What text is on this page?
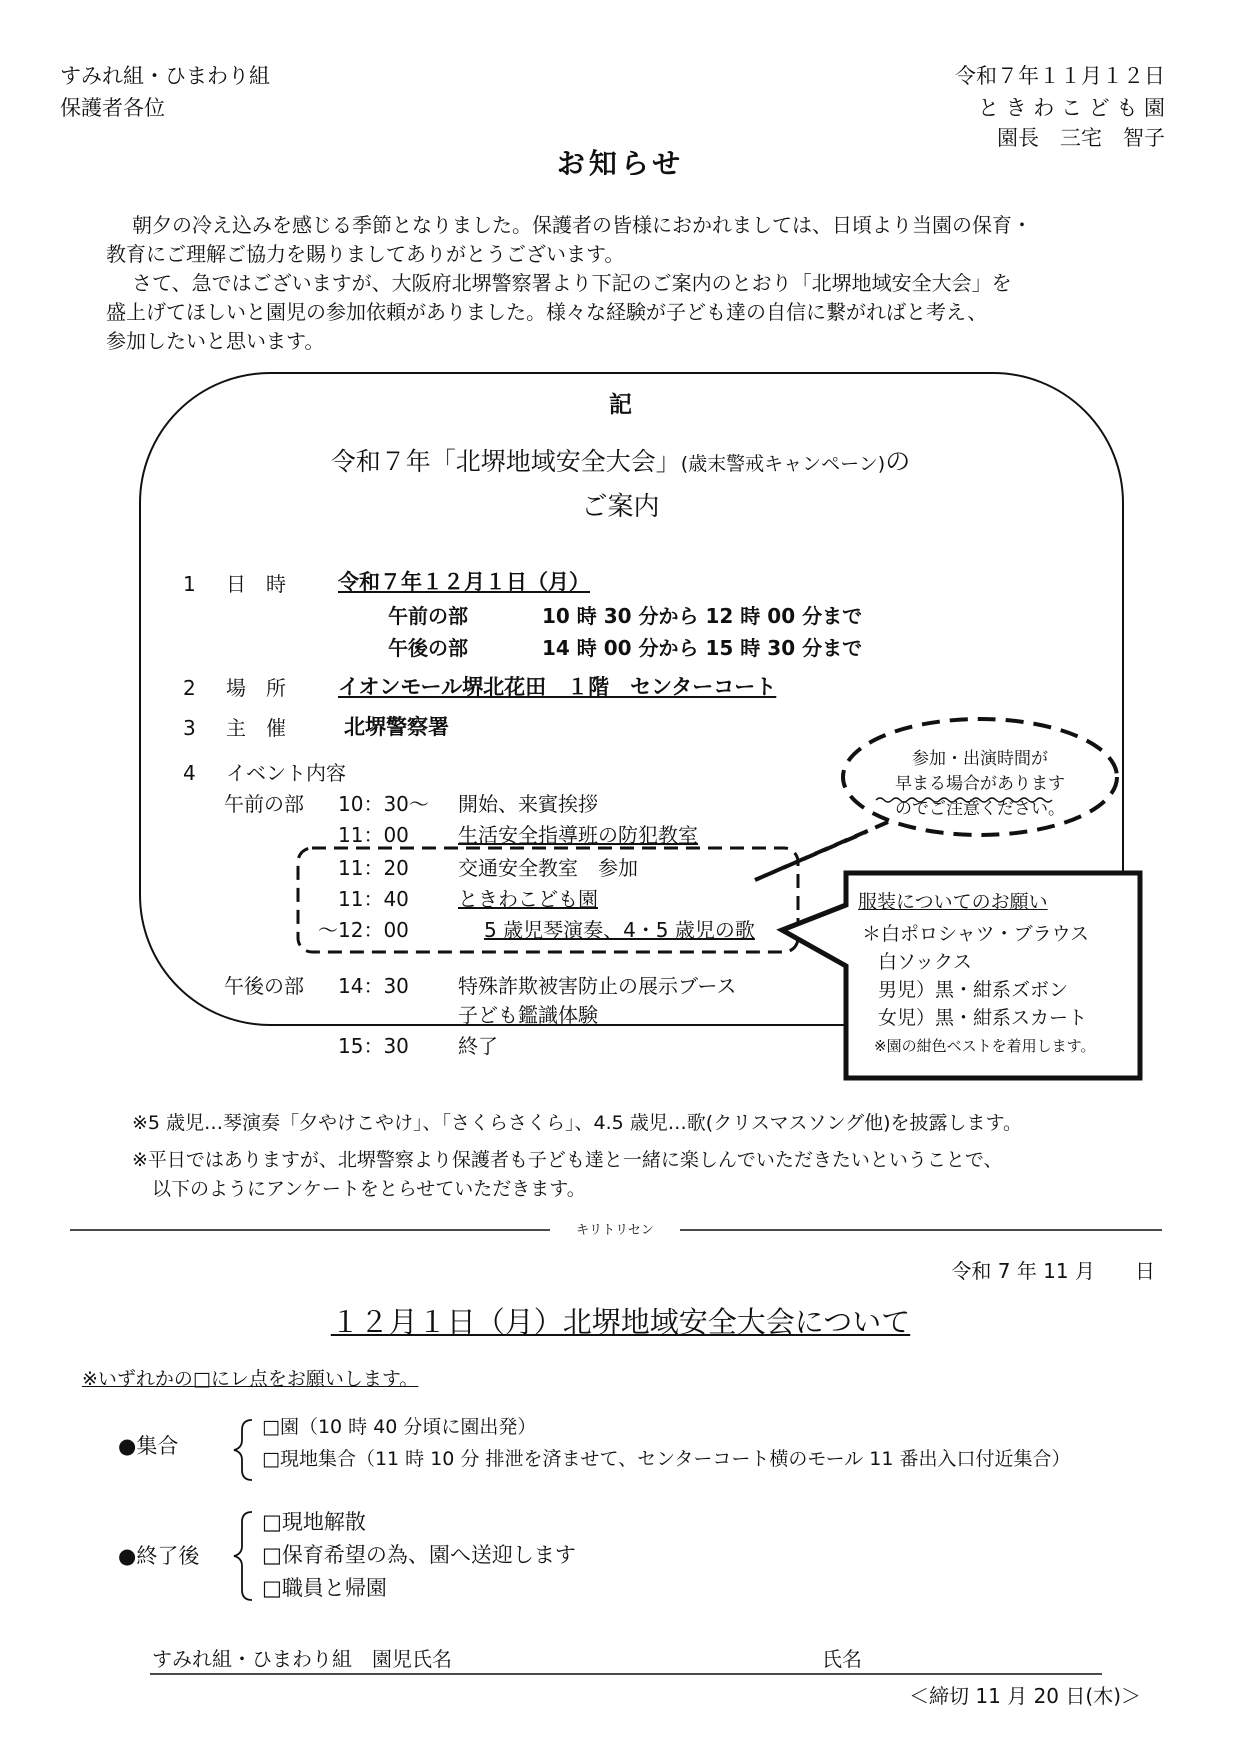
すみれ組・ひまわり組
保護者各位
令和７年１１月１２日
と き わ こ ど も 園
園長　三宅　智子
お知らせ
朝夕の冷え込みを感じる季節となりました。保護者の皆様におかれましては、日頃より当園の保育・
教育にご理解ご協力を賜りましてありがとうございます。
さて、急ではございますが、大阪府北堺警察署より下記のご案内のとおり「北堺地域安全大会」を
盛上げてほしいと園児の参加依頼がありました。様々な経験が子ども達の自信に繋がればと考え、
参加したいと思います。
記
令和７年「北堺地域安全大会」(歳末警戒キャンペーン)の
ご案内
1 日　時 令和７年１２月１日（月）
午前の部	10 時 30 分から 12 時 00 分まで
午後の部	14 時 00 分から 15 時 30 分まで
2 場　所 イオンモール堺北花田　１階　センターコート
3 主　催	北堺警察署
4 イベント内容
午前の部 10：30～ 開始、来賓挨拶
11：00 生活安全指導班の防犯教室
11：20 交通安全教室　参加
11：40 ときわこども園
～12：00	5 歳児琴演奏、4・5 歳児の歌
午後の部 14：30 特殊詐欺被害防止の展示ブース
子ども鑑識体験
15：30 終了
参加・出演時間が
早まる場合があります
のでご注意ください。
服装についてのお願い
＊白ポロシャツ・ブラウス
白ソックス
男児）黒・紺系ズボン
女児）黒・紺系スカート
※園の紺色ベストを着用します。
※5 歳児…琴演奏「夕やけこやけ」、「さくらさくら」、4.5 歳児…歌(クリスマスソング他)を披露します。
※平日ではありますが、北堺警察より保護者も子ども達と一緒に楽しんでいただきたいということで、
以下のようにアンケートをとらせていただきます。
キリトリセン
令和 7 年 11 月　　日
１２月１日（月）北堺地域安全大会について
※いずれかの□にレ点をお願いします。
●集合
□園（10 時 40 分頃に園出発）
□現地集合（11 時 10 分 排泄を済ませて、センターコート横のモール 11 番出入口付近集合）
●終了後
□現地解散
□保育希望の為、園へ送迎します
□職員と帰園
すみれ組・ひまわり組　園児氏名	氏名
＜締切 11 月 20 日(木)＞
